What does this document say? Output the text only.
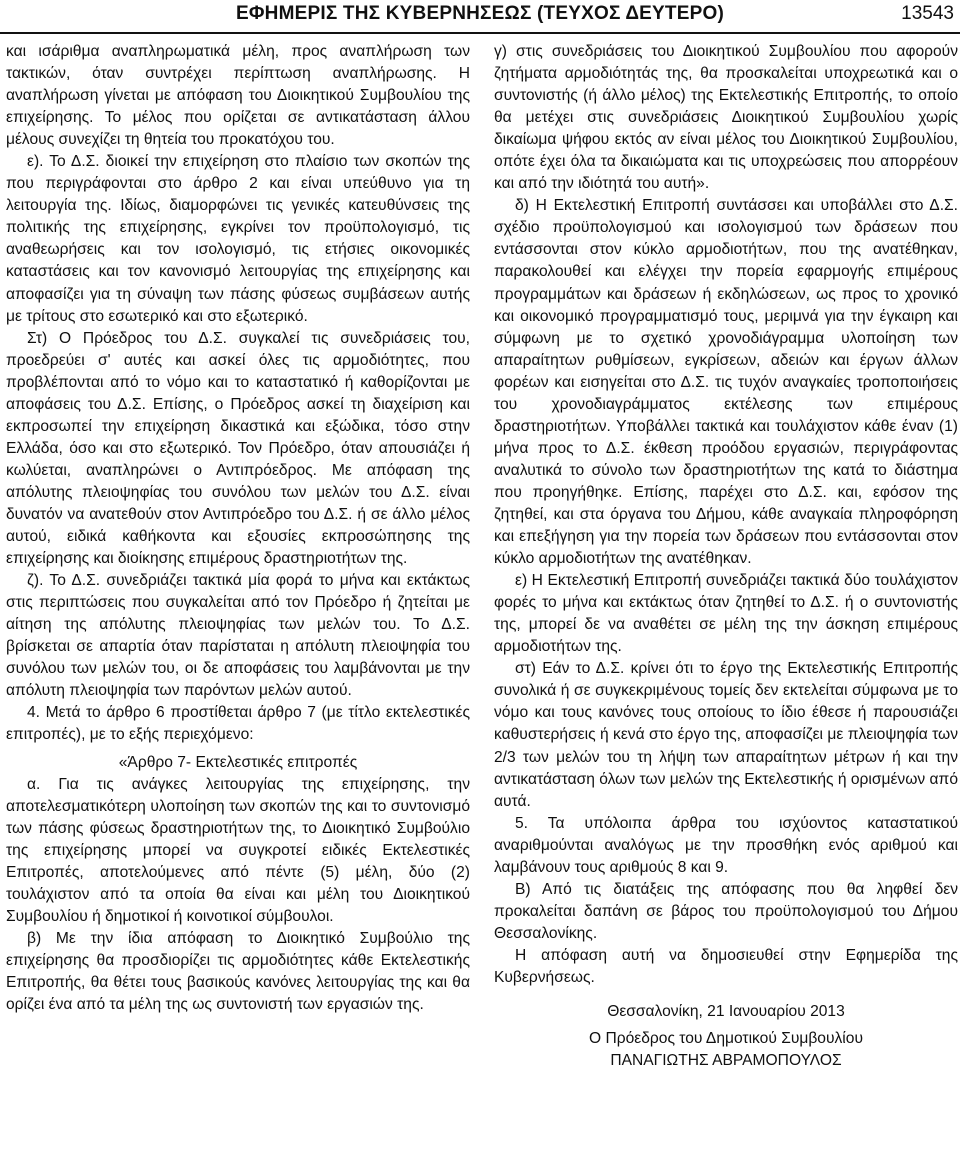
ΕΦΗΜΕΡΙΣ ΤΗΣ ΚΥΒΕΡΝΗΣΕΩΣ (ΤΕΥΧΟΣ ΔΕΥΤΕΡΟ)	13543

και ισάριθμα αναπληρωματικά μέλη, προς αναπλήρωση των τακτικών, όταν συντρέχει περίπτωση αναπλήρωσης. Η αναπλήρωση γίνεται με απόφαση του Διοικητικού Συμβουλίου της επιχείρησης. Το μέλος που ορίζεται σε αντικατάσταση άλλου μέλους συνεχίζει τη θητεία του προκατόχου του.

ε). Το Δ.Σ. διοικεί την επιχείρηση στο πλαίσιο των σκοπών της που περιγράφονται στο άρθρο 2 και είναι υπεύθυνο για τη λειτουργία της. Ιδίως, διαμορφώνει τις γενικές κατευθύνσεις της πολιτικής της επιχείρησης, εγκρίνει τον προϋπολογισμό, τις αναθεωρήσεις και τον ισολογισμό, τις ετήσιες οικονομικές καταστάσεις και τον κανονισμό λειτουργίας της επιχείρησης και αποφασίζει για τη σύναψη των πάσης φύσεως συμβάσεων αυτής με τρίτους στο εσωτερικό και στο εξωτερικό.

Στ) Ο Πρόεδρος του Δ.Σ. συγκαλεί τις συνεδριάσεις του, προεδρεύει σ' αυτές και ασκεί όλες τις αρμοδιότητες, που προβλέπονται από το νόμο και το καταστατικό ή καθορίζονται με αποφάσεις του Δ.Σ. Επίσης, ο Πρόεδρος ασκεί τη διαχείριση και εκπροσωπεί την επιχείρηση δικαστικά και εξώδικα, τόσο στην Ελλάδα, όσο και στο εξωτερικό. Τον Πρόεδρο, όταν απουσιάζει ή κωλύεται, αναπληρώνει ο Αντιπρόεδρος. Με απόφαση της απόλυτης πλειοψηφίας του συνόλου των μελών του Δ.Σ. είναι δυνατόν να ανατεθούν στον Αντιπρόεδρο του Δ.Σ. ή σε άλλο μέλος αυτού, ειδικά καθήκοντα και εξουσίες εκπροσώπησης της επιχείρησης και διοίκησης επιμέρους δραστηριοτήτων της.

ζ). Το Δ.Σ. συνεδριάζει τακτικά μία φορά το μήνα και εκτάκτως στις περιπτώσεις που συγκαλείται από τον Πρόεδρο ή ζητείται με αίτηση της απόλυτης πλειοψηφίας των μελών του. Το Δ.Σ. βρίσκεται σε απαρτία όταν παρίσταται η απόλυτη πλειοψηφία του συνόλου των μελών του, οι δε αποφάσεις του λαμβάνονται με την απόλυτη πλειοψηφία των παρόντων μελών αυτού.

4. Μετά το άρθρο 6 προστίθεται άρθρο 7 (με τίτλο εκτελεστικές επιτροπές), με το εξής περιεχόμενο:

«Άρθρο 7- Εκτελεστικές επιτροπές

α. Για τις ανάγκες λειτουργίας της επιχείρησης, την αποτελεσματικότερη υλοποίηση των σκοπών της και το συντονισμό των πάσης φύσεως δραστηριοτήτων της, το Διοικητικό Συμβούλιο της επιχείρησης μπορεί να συγκροτεί ειδικές Εκτελεστικές Επιτροπές, αποτελούμενες από πέντε (5) μέλη, δύο (2) τουλάχιστον από τα οποία θα είναι και μέλη του Διοικητικού Συμβουλίου ή δημοτικοί ή κοινοτικοί σύμβουλοι.

β) Με την ίδια απόφαση το Διοικητικό Συμβούλιο της επιχείρησης θα προσδιορίζει τις αρμοδιότητες κάθε Εκτελεστικής Επιτροπής, θα θέτει τους βασικούς κανόνες λειτουργίας της και θα ορίζει ένα από τα μέλη της ως συντονιστή των εργασιών της.

γ) στις συνεδριάσεις του Διοικητικού Συμβουλίου που αφορούν ζητήματα αρμοδιότητάς της, θα προσκαλείται υποχρεωτικά και ο συντονιστής (ή άλλο μέλος) της Εκτελεστικής Επιτροπής, το οποίο θα μετέχει στις συνεδριάσεις Διοικητικού Συμβουλίου χωρίς δικαίωμα ψήφου εκτός αν είναι μέλος του Διοικητικού Συμβουλίου, οπότε έχει όλα τα δικαιώματα και τις υποχρεώσεις που απορρέουν και από την ιδιότητά του αυτή».

δ) Η Εκτελεστική Επιτροπή συντάσσει και υποβάλλει στο Δ.Σ. σχέδιο προϋπολογισμού και ισολογισμού των δράσεων που εντάσσονται στον κύκλο αρμοδιοτήτων, που της ανατέθηκαν, παρακολουθεί και ελέγχει την πορεία εφαρμογής επιμέρους προγραμμάτων και δράσεων ή εκδηλώσεων, ως προς το χρονικό και οικονομικό προγραμματισμό τους, μεριμνά για την έγκαιρη και σύμφωνη με το σχετικό χρονοδιάγραμμα υλοποίηση των απαραίτητων ρυθμίσεων, εγκρίσεων, αδειών και έργων άλλων φορέων και εισηγείται στο Δ.Σ. τις τυχόν αναγκαίες τροποποιήσεις του χρονοδιαγράμματος εκτέλεσης των επιμέρους δραστηριοτήτων. Υποβάλλει τακτικά και τουλάχιστον κάθε έναν (1) μήνα προς το Δ.Σ. έκθεση προόδου εργασιών, περιγράφοντας αναλυτικά το σύνολο των δραστηριοτήτων της κατά το διάστημα που προηγήθηκε. Επίσης, παρέχει στο Δ.Σ. και, εφόσον της ζητηθεί, και στα όργανα του Δήμου, κάθε αναγκαία πληροφόρηση και επεξήγηση για την πορεία των δράσεων που εντάσσονται στον κύκλο αρμοδιοτήτων της ανατέθηκαν.

ε) Η Εκτελεστική Επιτροπή συνεδριάζει τακτικά δύο τουλάχιστον φορές το μήνα και εκτάκτως όταν ζητηθεί το Δ.Σ. ή ο συντονιστής της, μπορεί δε να αναθέτει σε μέλη της την άσκηση επιμέρους αρμοδιοτήτων της.

στ) Εάν το Δ.Σ. κρίνει ότι το έργο της Εκτελεστικής Επιτροπής συνολικά ή σε συγκεκριμένους τομείς δεν εκτελείται σύμφωνα με το νόμο και τους κανόνες τους οποίους το ίδιο έθεσε ή παρουσιάζει καθυστερήσεις ή κενά στο έργο της, αποφασίζει με πλειοψηφία των 2/3 των μελών του τη λήψη των απαραίτητων μέτρων ή και την αντικατάσταση όλων των μελών της Εκτελεστικής ή ορισμένων από αυτά.

5. Τα υπόλοιπα άρθρα του ισχύοντος καταστατικού αναριθμούνται αναλόγως με την προσθήκη ενός αριθμού και λαμβάνουν τους αριθμούς 8 και 9.

Β) Από τις διατάξεις της απόφασης που θα ληφθεί δεν προκαλείται δαπάνη σε βάρος του προϋπολογισμού του Δήμου Θεσσαλονίκης.

Η απόφαση αυτή να δημοσιευθεί στην Εφημερίδα της Κυβερνήσεως.

Θεσσαλονίκη, 21 Ιανουαρίου 2013

Ο Πρόεδρος του Δημοτικού Συμβουλίου

ΠΑΝΑΓΙΩΤΗΣ ΑΒΡΑΜΟΠΟΥΛΟΣ
